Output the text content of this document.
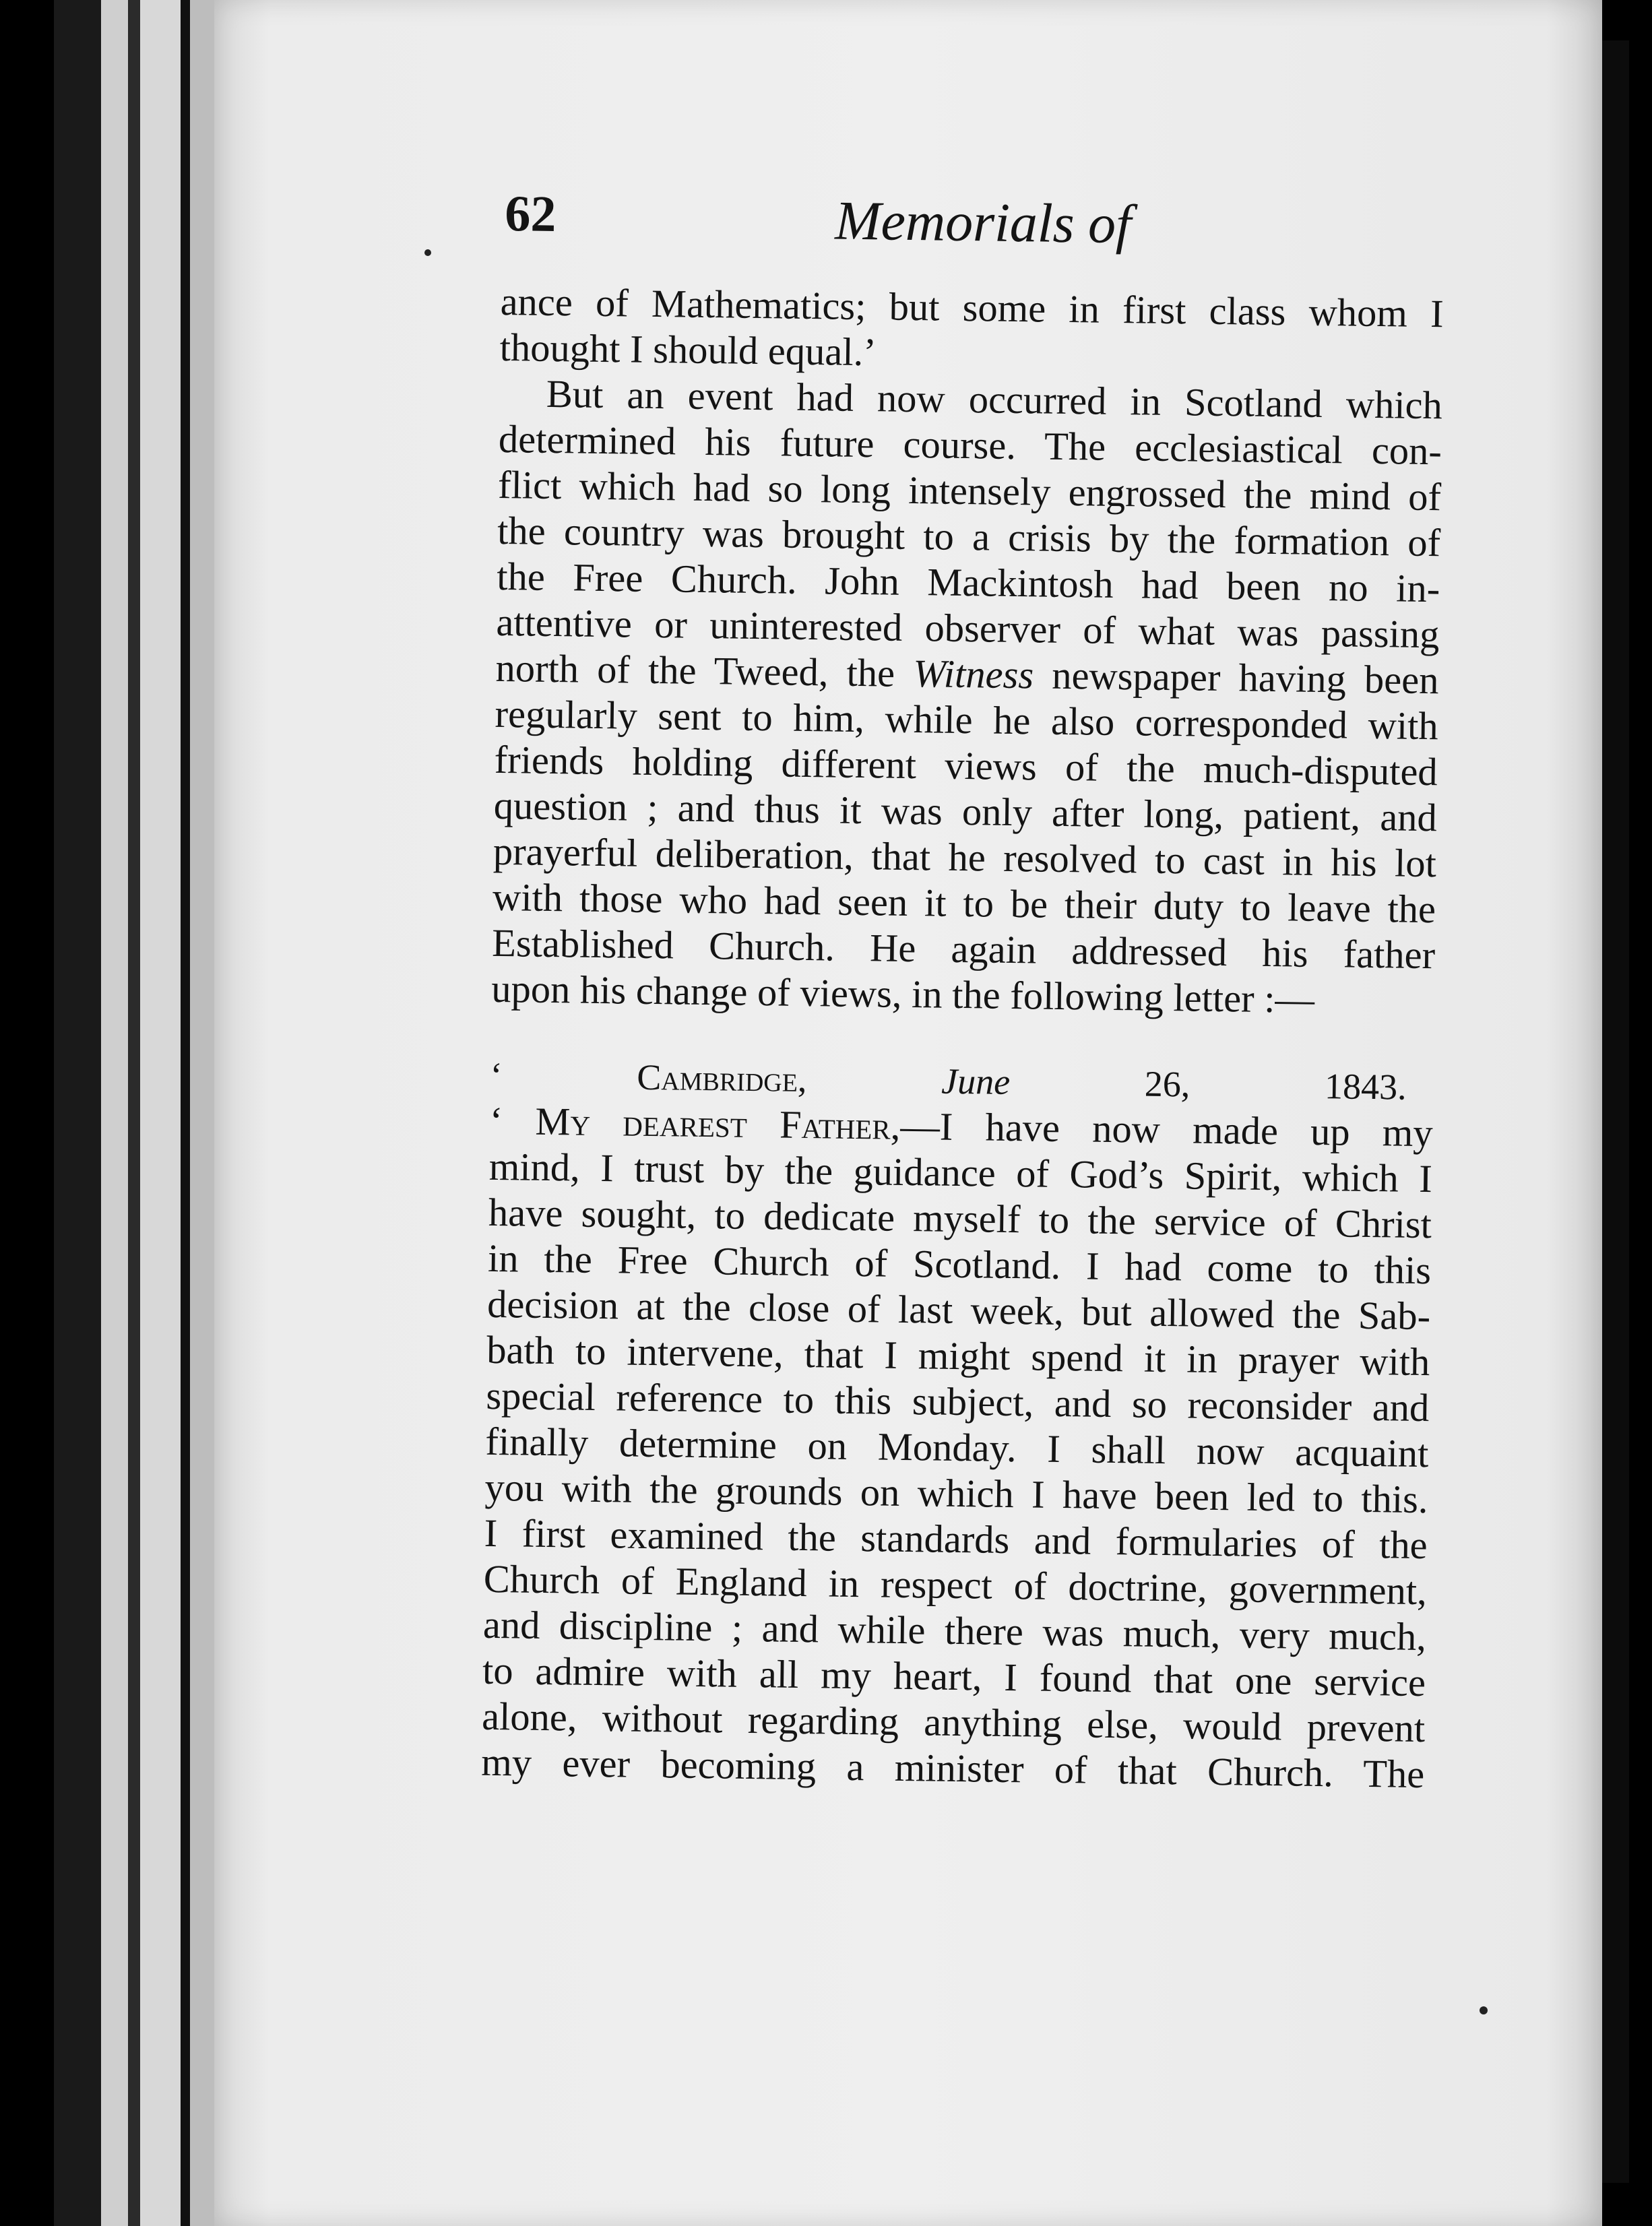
62	Memorials of
ance of Mathematics; but some in first class whom I
thought I should equal.’
But an event had now occurred in Scotland which
determined his future course. The ecclesiastical con-
flict which had so long intensely engrossed the mind of
the country was brought to a crisis by the formation of
the Free Church. John Mackintosh had been no in-
attentive or uninterested observer of what was passing
north of the Tweed, the Witness newspaper having been
regularly sent to him, while he also corresponded with
friends holding different views of the much-disputed
question ; and thus it was only after long, patient, and
prayerful deliberation, that he resolved to cast in his lot
with those who had seen it to be their duty to leave the
Established Church. He again addressed his father
upon his change of views, in the following letter :—
‘ Cambridge,	June	26, 1843.
‘ My dearest Father,—I have now made up my
mind, I trust by the guidance of God’s Spirit, which I
have sought, to dedicate myself to the service of Christ
in the Free Church of Scotland. I had come to this
decision at the close of last week, but allowed the Sab-
bath to intervene, that I might spend it in prayer with
special reference to this subject, and so reconsider and
finally determine on Monday. I shall now acquaint
you with the grounds on which I have been led to this.
I first examined the standards and formularies of the
Church of England in respect of doctrine, government,
and discipline ; and while there was much, very much,
to admire with all my heart, I found that one service
alone, without regarding anything else, would prevent
my ever becoming a minister of that Church. The
